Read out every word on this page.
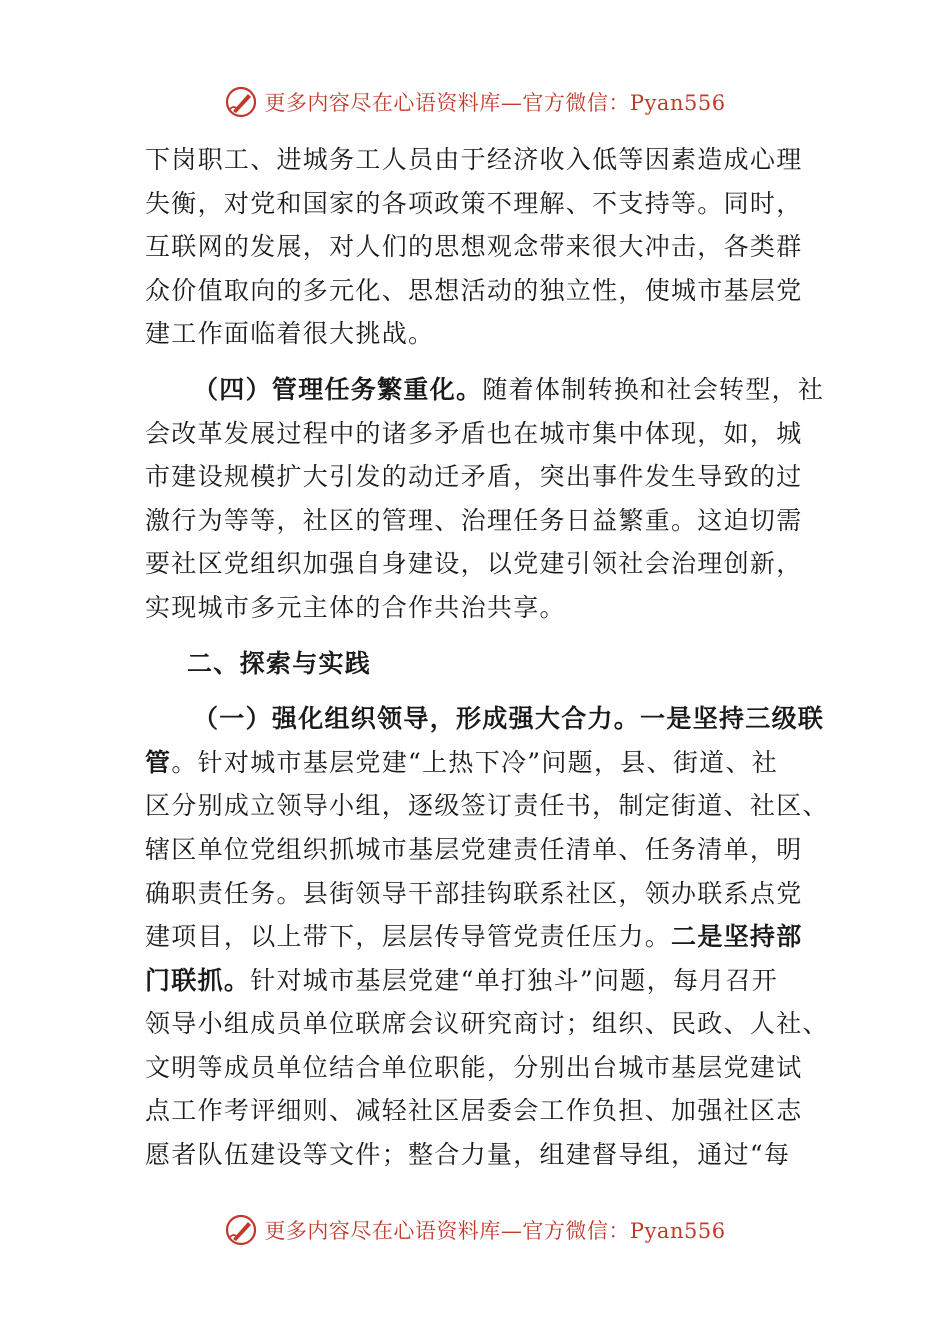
更多内容尽在心语资料库—官方微信：Pyan556
下岗职工、进城务工人员由于经济收入低等因素造成心理
失衡，对党和国家的各项政策不理解、不支持等。同时，
互联网的发展，对人们的思想观念带来很大冲击，各类群
众价值取向的多元化、思想活动的独立性，使城市基层党
建工作面临着很大挑战。
（四）管理任务繁重化。随着体制转换和社会转型，社
会改革发展过程中的诸多矛盾也在城市集中体现，如，城
市建设规模扩大引发的动迁矛盾，突出事件发生导致的过
激行为等等，社区的管理、治理任务日益繁重。这迫切需
要社区党组织加强自身建设，以党建引领社会治理创新，
实现城市多元主体的合作共治共享。
二、探索与实践
（一）强化组织领导，形成强大合力。一是坚持三级联
管。针对城市基层党建“上热下冷”问题，县、街道、社
区分别成立领导小组，逐级签订责任书，制定街道、社区、
辖区单位党组织抓城市基层党建责任清单、任务清单，明
确职责任务。县街领导干部挂钩联系社区，领办联系点党
建项目，以上带下，层层传导管党责任压力。二是坚持部
门联抓。针对城市基层党建“单打独斗”问题，每月召开
领导小组成员单位联席会议研究商讨；组织、民政、人社、
文明等成员单位结合单位职能，分别出台城市基层党建试
点工作考评细则、减轻社区居委会工作负担、加强社区志
愿者队伍建设等文件；整合力量，组建督导组，通过“每
更多内容尽在心语资料库—官方微信：Pyan556
